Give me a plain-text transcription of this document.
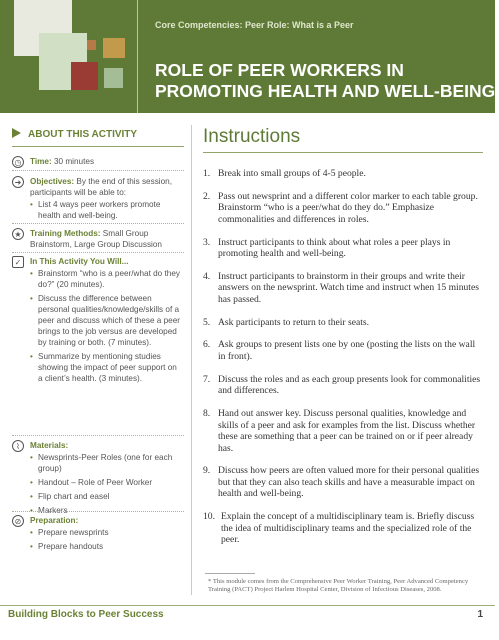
Core Competencies: Peer Role: What is a Peer
ROLE OF PEER WORKERS IN
PROMOTING HEALTH AND WELL-BEING*
ABOUT THIS ACTIVITY
◷	Time: 30 minutes
➜	Objectives: By the end of this session, participants will be able to:
• List 4 ways peer workers promote health and well-being.
★ Training Methods: Small Group Brainstorm, Large Group Discussion
✓	In This Activity You Will...
• Brainstorm “who is a peer/what do they do?” (20 minutes).
• Discuss the difference between personal qualities/knowledge/skills of a peer and discuss which of these a peer brings to the job versus are developed by training or both. (7 minutes).
• Summarize by mentioning studies showing the impact of peer support on a client’s health. (3 minutes).
⌇	Materials:
• Newsprints-Peer Roles (one for each group)
• Handout – Role of Peer Worker
• Flip chart and easel
• Markers
⊘	Preparation:
• Prepare newsprints
• Prepare handouts
Instructions
1. Break into small groups of 4-5 people.
2. Pass out newsprint and a different color marker to each table group. Brainstorm “who is a peer/what do they do.” Emphasize commonalities and differences in roles.
3. Instruct participants to think about what roles a peer plays in promoting health and well-being.
4. Instruct participants to brainstorm in their groups and write their answers on the newsprint. Watch time and instruct when 15 minutes has passed.
5. Ask participants to return to their seats.
6. Ask groups to present lists one by one (posting the lists on the wall in front).
7. Discuss the roles and as each group presents look for commonalities and differences.
8. Hand out answer key. Discuss personal qualities, knowledge and skills of a peer and ask for examples from the list. Discuss whether these are something that a peer can be trained on or if peer already has.
9. Discuss how peers are often valued more for their personal qualities but that they can also teach skills and have a measurable impact on health and well-being.
10. Explain the concept of a multidisciplinary team is. Briefly discuss the idea of multidisciplinary teams and the specialized role of the peer.
* This module comes from the Comprehensive Peer Worker Training, Peer Advanced Competency Training (PACT) Project Harlem Hospital Center, Division of Infectious Diseases, 2008.
Building Blocks to Peer Success	1
